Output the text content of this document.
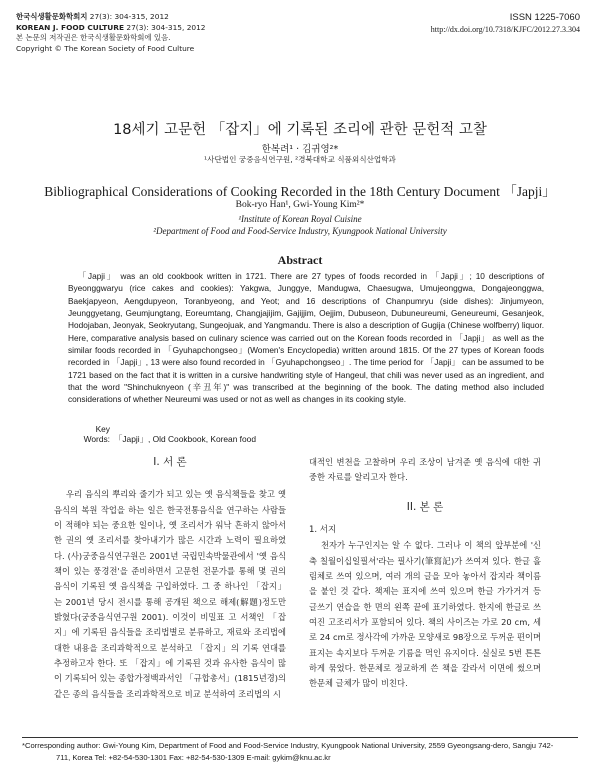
한국식생활문화학회지 27(3): 304-315, 2012
KOREAN J. FOOD CULTURE 27(3): 304-315, 2012
본 논문의 저작권은 한국식생활문화학회에 있음.
Copyright © The Korean Society of Food Culture
ISSN 1225-7060
http://dx.doi.org/10.7318/KJFC/2012.27.3.304
18세기 고문헌 「잡지」에 기록된 조리에 관한 문헌적 고찰
한복려¹ · 김귀영²*
¹사단법인 궁중음식연구원, ²경북대학교 식품외식산업학과
Bibliographical Considerations of Cooking Recorded in the 18th Century Document 「Japji」
Bok-ryo Han¹, Gwi-Young Kim²*
¹Institute of Korean Royal Cuisine
²Department of Food and Food-Service Industry, Kyungpook National University
Abstract
「Japji」 was an old cookbook written in 1721. There are 27 types of foods recorded in 「Japji」; 10 descriptions of Byeonggwaryu (rice cakes and cookies): Yakgwa, Junggye, Mandugwa, Chaesugwa, Umujeonggwa, Dongajeonggwa, Baekjapyeon, Aengdupyeon, Toranbyeong, and Yeot; and 16 descriptions of Chanpumryu (side dishes): Jinjumyeon, Jeunggyetang, Geumjungtang, Eoreumtang, Changjajijim, Gajijjim, Oejjim, Dubuseon, Dubuneureumi, Geneureumi, Gesanjeok, Hodojaban, Jeonyak, Seokryutang, Sungeojuak, and Yangmandu. There is also a description of Gugija (Chinese wolfberry) liquor. Here, comparative analysis based on culinary science was carried out on the Korean foods recorded in 「Japji」 as well as the similar foods recorded in 「Gyuhapchongseo」(Women's Encyclopedia) written around 1815. Of the 27 types of Korean foods recorded in 「Japji」, 13 were also found recorded in 「Gyuhapchongseo」. The time period for 「Japji」 can be assumed to be 1721 based on the fact that it is written in a cursive handwriting style of Hangeul, that chili was never used as an ingredient, and that the word "Shinchuknyeon (辛丑年)" was transcribed at the beginning of the book. The dating method also included considerations of whether Neureumi was used or not as well as changes in its cooking style.
Key Words: 「Japji」, Old Cookbook, Korean food
I. 서 론

우리 음식의 뿌리와 줄기가 되고 있는 옛 음식책들을 찾고 옛 음식의 복원 작업을 하는 일은 한국전통음식을 연구하는 사람들이 적해야 되는 중요한 일이나, 옛 조리서가 워낙 흔하지 않아서 한 권의 옛 조리서를 찾아내기가 많은 시간과 노력이 필요하였다. (사)궁중음식연구원은 2001년 국립민속박물관에서 '옛 음식책이 있는 풍경전'을 준비하면서 고문헌 전문가를 통해 몇 권의 음식이 기록된 옛 음식책을 구입하였다. 그 중 하나인 「잡지」는 2001년 당시 전시를 통해 공개된 책으로 해제(解題)정도만 밝혔다(궁중음식연구원 2001). 이것이 비밀표 고 서책인 「잡지」에 기록된 음식들을 조리법별로 분류하고, 재료와 조리법에 대한 내용을 조리과학적으로 분석하고 「잡지」의 기록 연대를 추정하고자 한다. 또 「잡지」에 기록된 것과 유사한 음식이 많이 기록되어 있는 종합가정백과서인 「규합총서」(1815년경)의 같은 종의 음식들을 조리과학적으로 비교 분석하여 조리법의 시

대적인 변천을 고찰하며 우리 조상이 남겨준 옛 음식에 대한 귀중한 자료를 알리고자 한다.

II. 본 론
1. 서지

천자가 누구인지는 알 수 없다. 그러나 이 책의 앞부분에 '신축 칠월이십일필셔'라는 필사기(筆寫記)가 쓰여져 있다. 한글 흘림체로 쓰여 있으며, 여러 개의 글을 모아 놓아서 잡지라 책이름을 붙인 것 같다. 책제는 표지에 쓰여 있으며 한글 가가거겨 등 글쓰기 연습을 한 면의 왼쪽 끝에 표기하였다. 한지에 한글로 쓰여진 고조리서가 포함되어 있다. 책의 사이즈는 가로 20 cm, 세로 24 cm로 정사각에 가까운 모양새로 98장으로 두꺼운 편이며 표지는 속지보다 두꺼운 기름을 먹인 유지이다. 실실로 5번 튼튼하게 묶었다. 한문체로 정교하게 쓴 책을 갈라서 이면에 썼으며 한문체 글체가 많이 비친다.

*Corresponding author: Gwi-Young Kim, Department of Food and Food-Service Industry, Kyungpook National University, 2559 Gyeongsang-dero, Sangju 742-
711, Korea Tel: +82-54-530-1301 Fax: +82-54-530-1309 E-mail: gykim@knu.ac.kr
